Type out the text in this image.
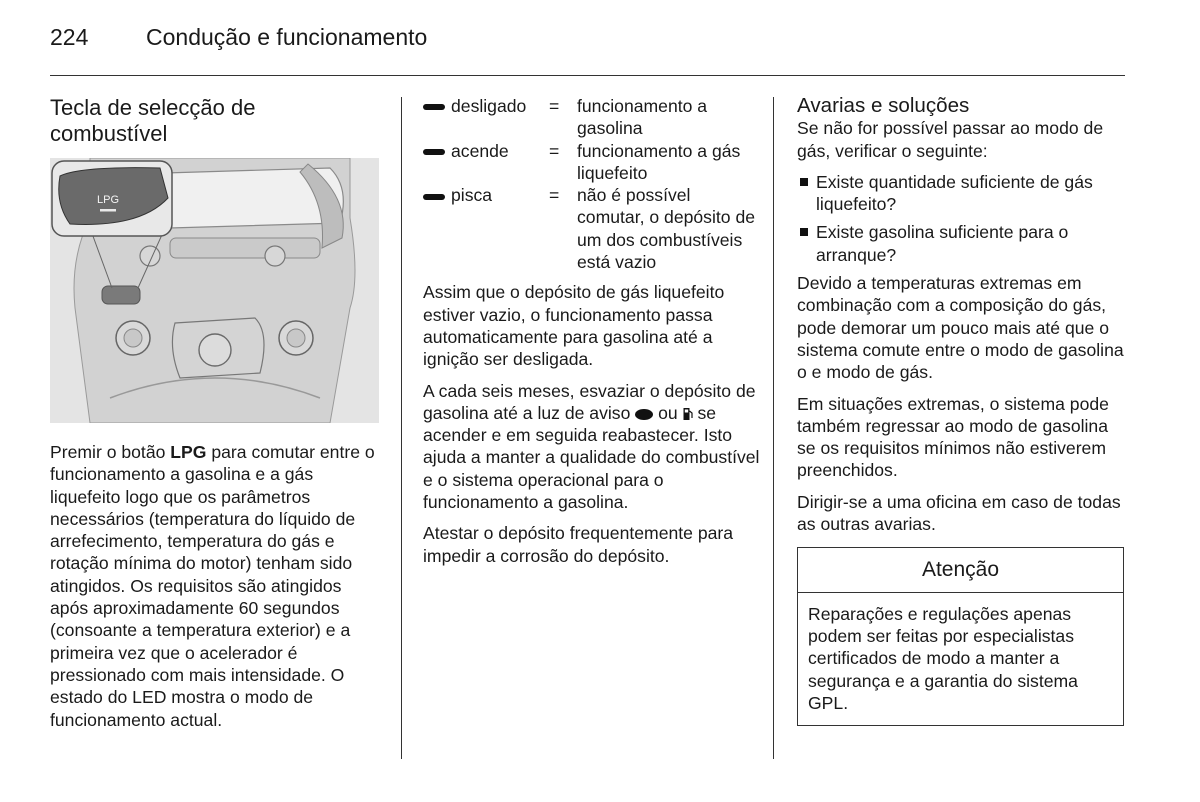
224	Condução e funcionamento
Tecla de selecção de
combustível
LPG

Premir o botão LPG para comutar entre o funcionamento a gasolina e a gás liquefeito logo que os parâmetros necessários (temperatura do líquido de arrefecimento, temperatura do gás e rotação mínima do motor) tenham sido atingidos. Os requisitos são atingidos após aproximadamente 60 segundos (consoante a temperatura exterior) e a primeira vez que o acelerador é pressionado com mais intensidade. O estado do LED mostra o modo de funcionamento actual.

desligado	=	funcionamento a gasolina
acende	=	funcionamento a gás liquefeito
pisca	=	não é possível comutar, o depósito de um dos combustíveis está vazio

Assim que o depósito de gás liquefeito estiver vazio, o funcionamento passa automaticamente para gasolina até a ignição ser desligada.

A cada seis meses, esvaziar o depósito de gasolina até a luz de aviso ou se acender e em seguida reabastecer. Isto ajuda a manter a qualidade do combustível e o sistema operacional para o funcionamento a gasolina.

Atestar o depósito frequentemente para impedir a corrosão do depósito.

Avarias e soluções

Se não for possível passar ao modo de gás, verificar o seguinte:

Existe quantidade suficiente de gás liquefeito?
Existe gasolina suficiente para o arranque?

Devido a temperaturas extremas em combinação com a composição do gás, pode demorar um pouco mais até que o sistema comute entre o modo de gasolina o e modo de gás.

Em situações extremas, o sistema pode também regressar ao modo de gasolina se os requisitos mínimos não estiverem preenchidos.

Dirigir-se a uma oficina em caso de todas as outras avarias.

Atenção
Reparações e regulações apenas podem ser feitas por especialistas certificados de modo a manter a segurança e a garantia do sistema GPL.
